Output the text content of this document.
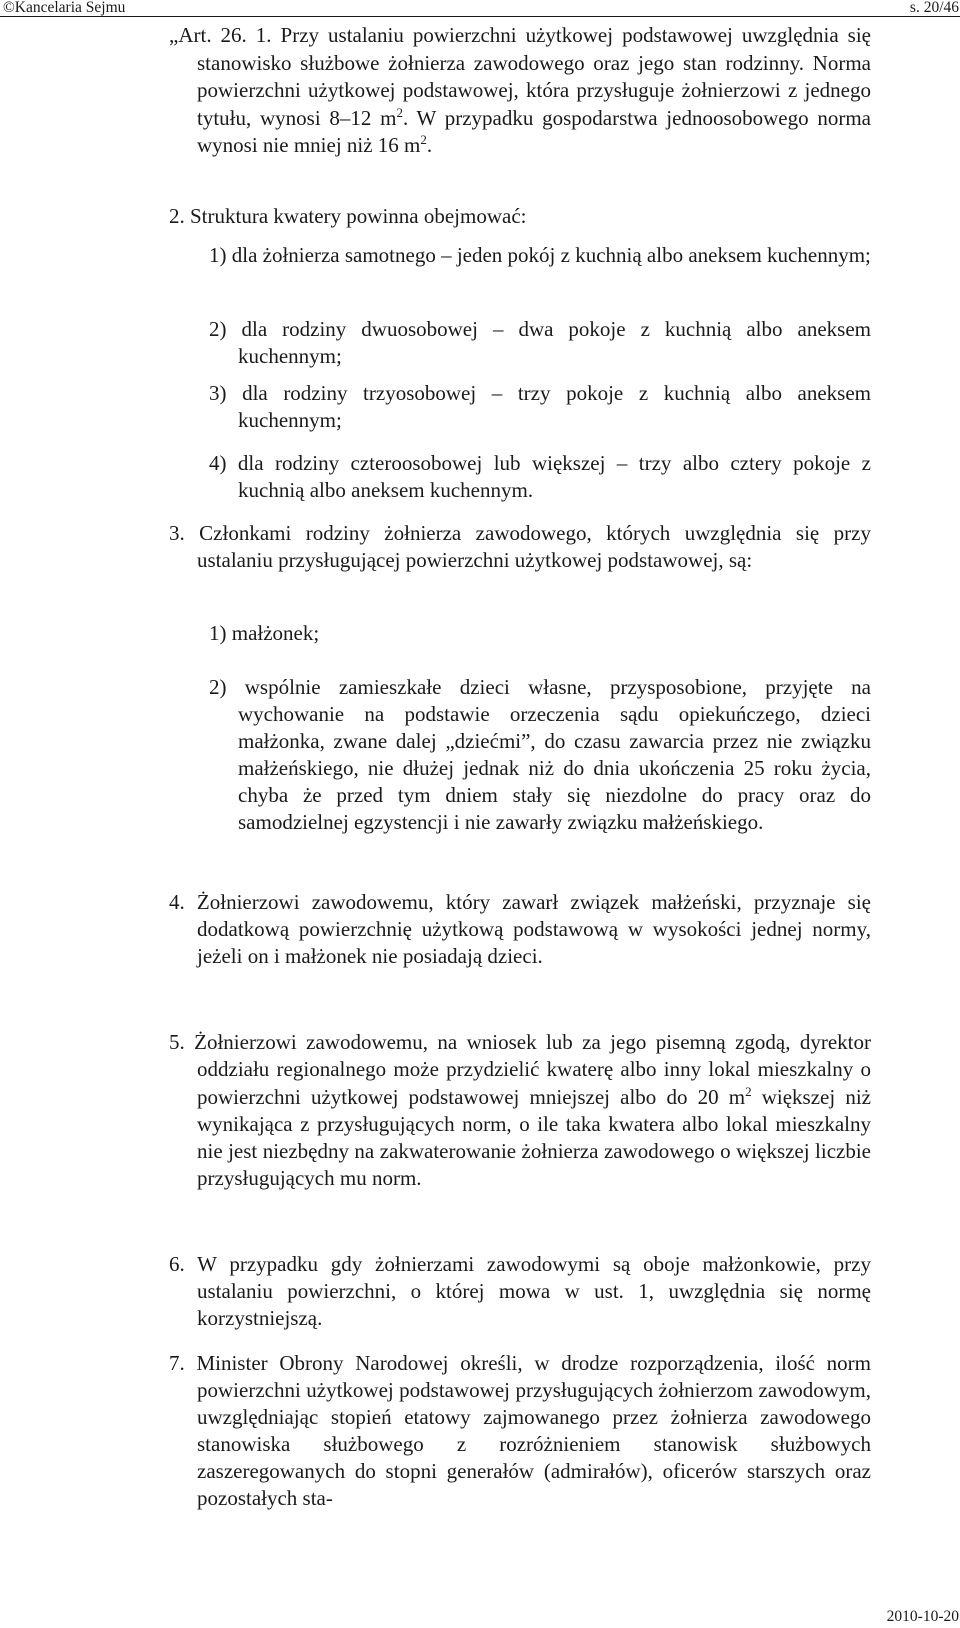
©Kancelaria Sejmu	s. 20/46

„Art. 26. 1. Przy ustalaniu powierzchni użytkowej podstawowej uwzględnia się stanowisko służbowe żołnierza zawodowego oraz jego stan rodzinny. Norma powierzchni użytkowej podstawowej, która przysługuje żołnierzowi z jednego tytułu, wynosi 8–12 $m^2$. W przypadku gospodarstwa jednoosobowego norma wynosi nie mniej niż 16 $m^2$.

2. Struktura kwatery powinna obejmować:

1) dla żołnierza samotnego – jeden pokój z kuchnią albo aneksem kuchennym;

2) dla rodziny dwuosobowej – dwa pokoje z kuchnią albo aneksem kuchennym;

3) dla rodziny trzyosobowej – trzy pokoje z kuchnią albo aneksem kuchennym;

4) dla rodziny czteroosobowej lub większej – trzy albo cztery pokoje z kuchnią albo aneksem kuchennym.

3. Członkami rodziny żołnierza zawodowego, których uwzględnia się przy ustalaniu przysługującej powierzchni użytkowej podstawowej, są:

1) małżonek;

2) wspólnie zamieszkałe dzieci własne, przysposobione, przyjęte na wychowanie na podstawie orzeczenia sądu opiekuńczego, dzieci małżonka, zwane dalej „dziećmi”, do czasu zawarcia przez nie związku małżeńskiego, nie dłużej jednak niż do dnia ukończenia 25 roku życia, chyba że przed tym dniem stały się niezdolne do pracy oraz do samodzielnej egzystencji i nie zawarły związku małżeńskiego.

4. Żołnierzowi zawodowemu, który zawarł związek małżeński, przyznaje się dodatkową powierzchnię użytkową podstawową w wysokości jednej normy, jeżeli on i małżonek nie posiadają dzieci.

5. Żołnierzowi zawodowemu, na wniosek lub za jego pisemną zgodą, dyrektor oddziału regionalnego może przydzielić kwaterę albo inny lokal mieszkalny o powierzchni użytkowej podstawowej mniejszej albo do 20 $m^2$ większej niż wynikająca z przysługujących norm, o ile taka kwatera albo lokal mieszkalny nie jest niezbędny na zakwaterowanie żołnierza zawodowego o większej liczbie przysługujących mu norm.

6. W przypadku gdy żołnierzami zawodowymi są oboje małżonkowie, przy ustalaniu powierzchni, o której mowa w ust. 1, uwzględnia się normę korzystniejszą.

7. Minister Obrony Narodowej określi, w drodze rozporządzenia, ilość norm powierzchni użytkowej podstawowej przysługujących żołnierzom zawodowym, uwzględniając stopień etatowy zajmowanego przez żołnierza zawodowego stanowiska służbowego z rozróżnieniem stanowisk służbowych zaszeregowanych do stopni generałów (admirałów), oficerów starszych oraz pozostałych sta-

2010-10-20
